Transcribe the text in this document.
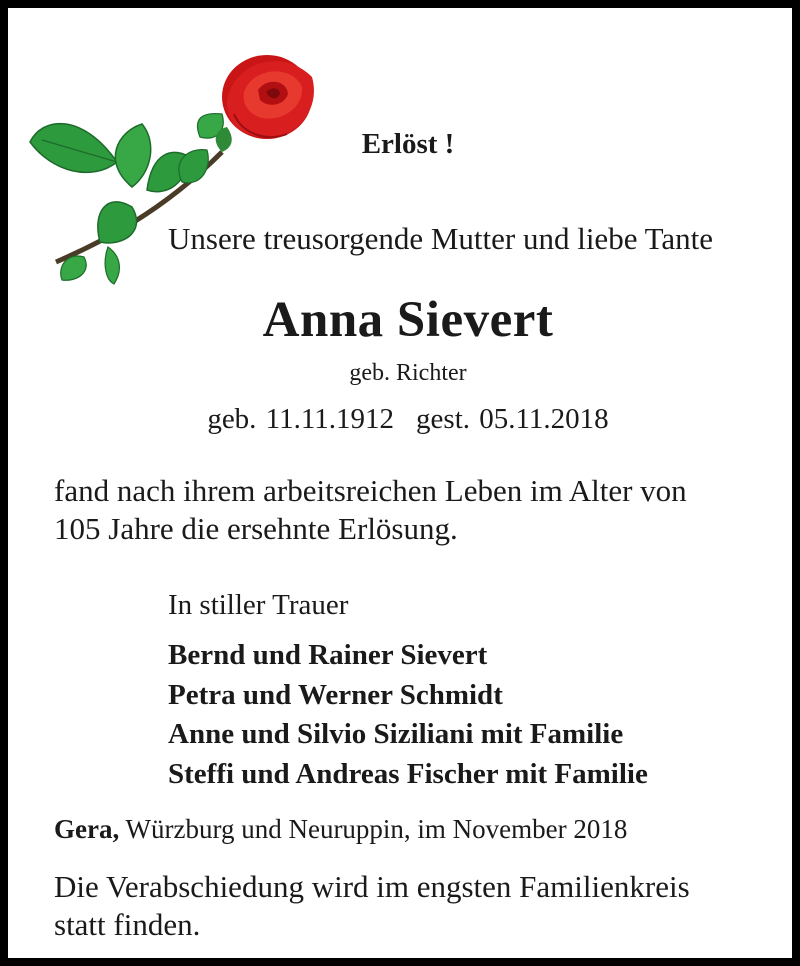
Erlöst !
Unsere treusorgende Mutter und liebe Tante
Anna Sievert
geb. Richter
geb. 11.11.1912 gest. 05.11.2018
fand nach ihrem arbeitsreichen Leben im Alter von
105 Jahre die ersehnte Erlösung.
In stiller Trauer
Bernd und Rainer Sievert
Petra und Werner Schmidt
Anne und Silvio Siziliani mit Familie
Steffi und Andreas Fischer mit Familie
Gera, Würzburg und Neuruppin, im November 2018
Die Verabschiedung wird im engsten Familienkreis
statt finden.
